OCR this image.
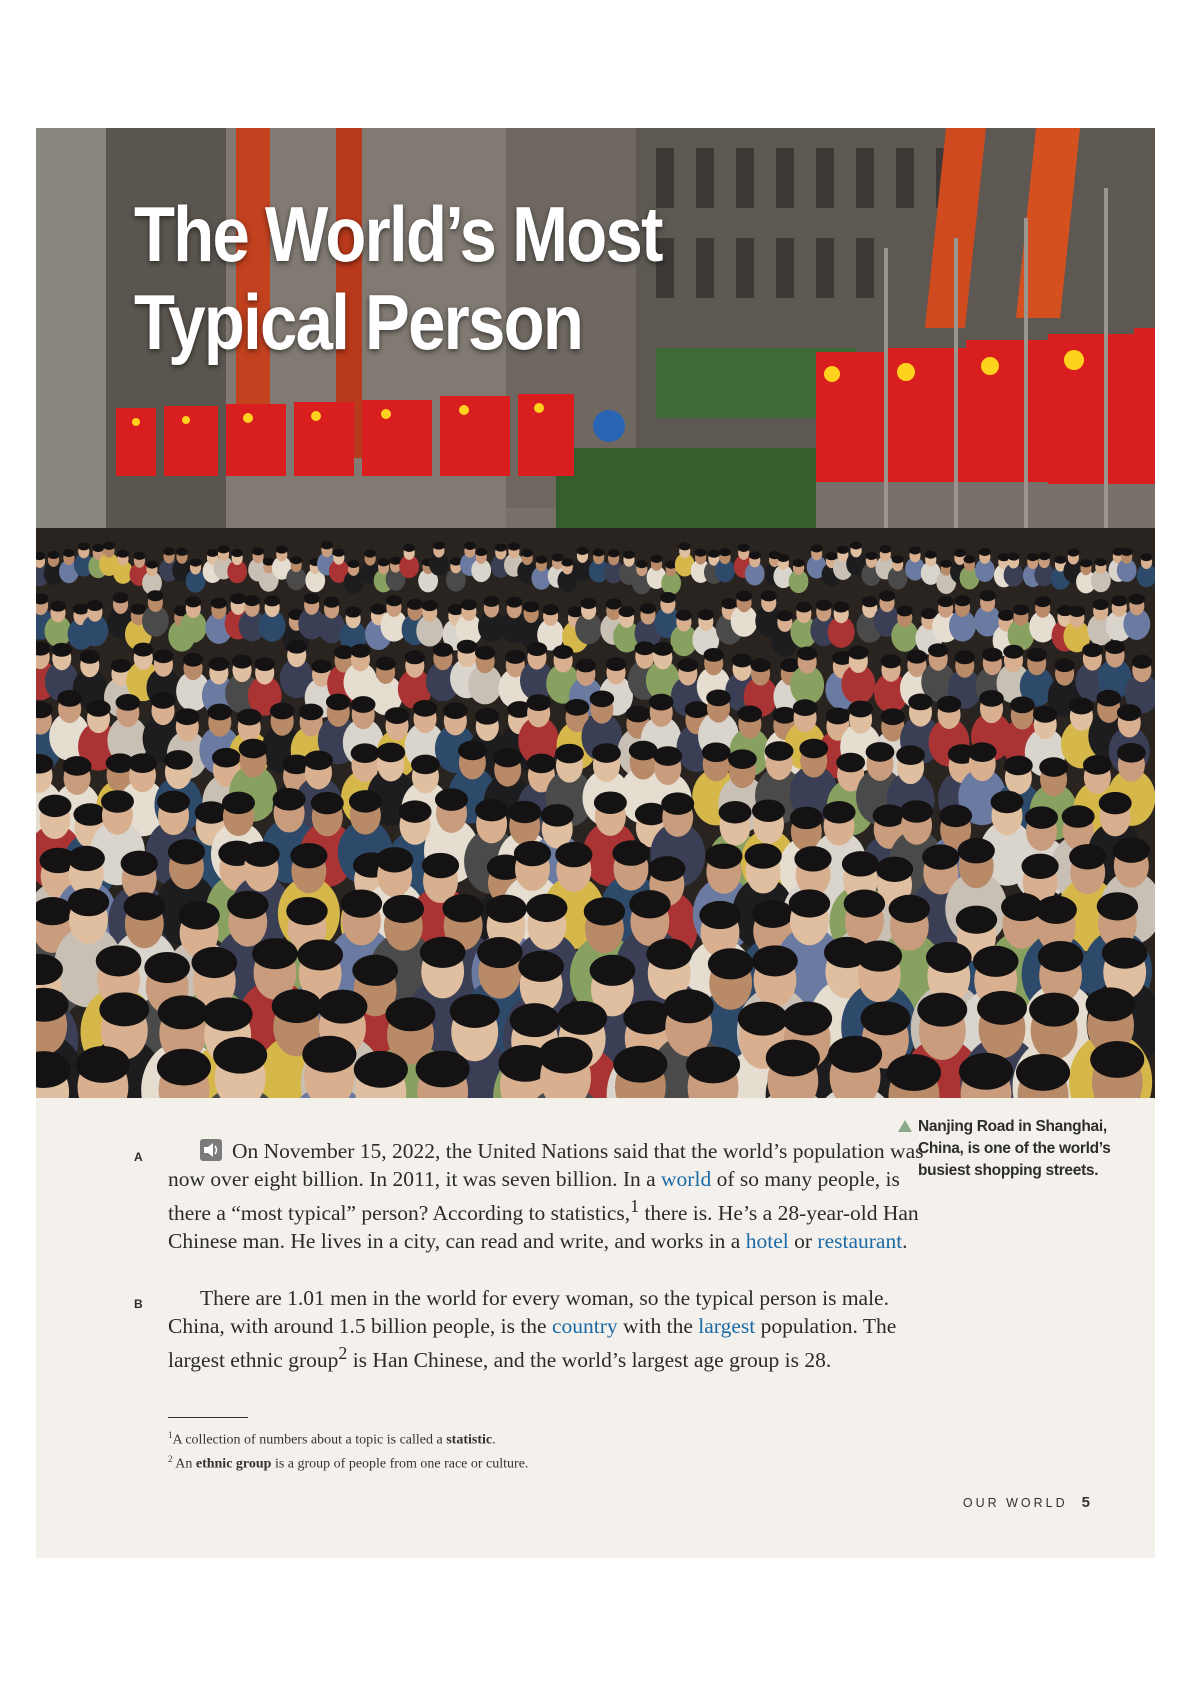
The World’s Most
Typical Person
A	On November 15, 2022, the United Nations said that the world’s population was now over eight billion. In 2011, it was seven billion. In a world of so many people, is there a “most typical” person? According to statistics,$^1$ there is. He’s a 28-year-old Han Chinese man. He lives in a city, can read and write, and works in a hotel or restaurant.

B	There are 1.01 men in the world for every woman, so the typical person is male. China, with around 1.5 billion people, is the country with the largest population. The largest ethnic group$^2$ is Han Chinese, and the world’s largest age group is 28.

$^1$A collection of numbers about a topic is called a statistic.
$^2$ An ethnic group is a group of people from one race or culture.
Nanjing Road in Shanghai, China, is one of the world’s busiest shopping streets.
OUR WORLD 5
